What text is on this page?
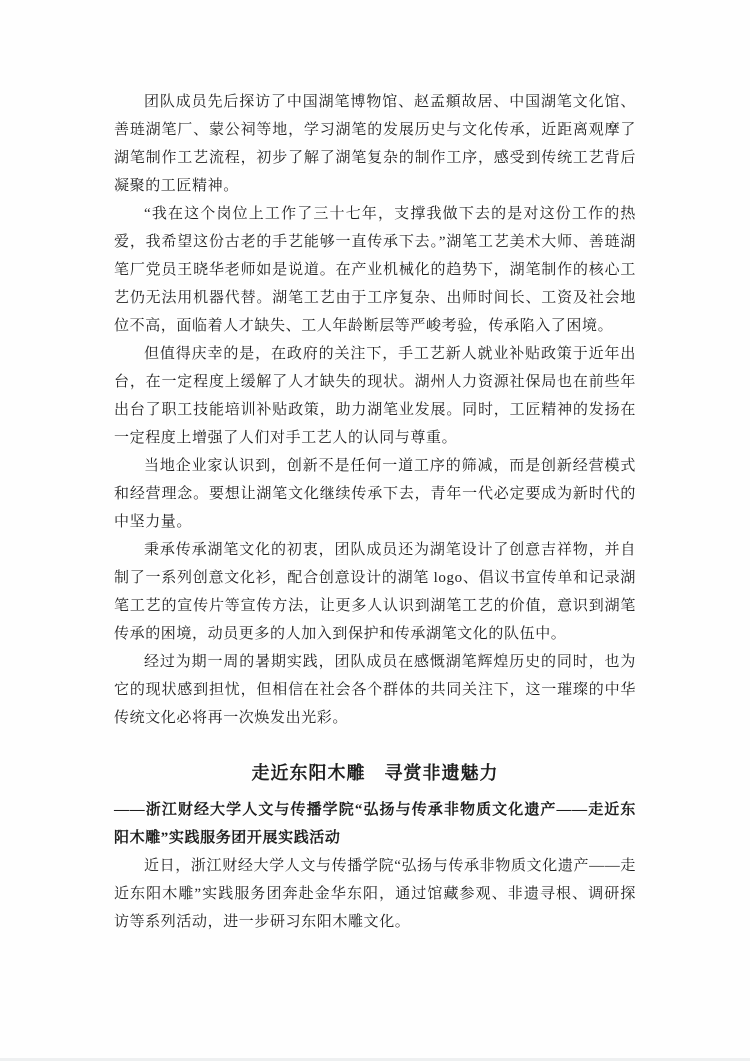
团队成员先后探访了中国湖笔博物馆、赵孟頫故居、中国湖笔文化馆、善琏湖笔厂、蒙公祠等地，学习湖笔的发展历史与文化传承，近距离观摩了湖笔制作工艺流程，初步了解了湖笔复杂的制作工序，感受到传统工艺背后凝聚的工匠精神。

“我在这个岗位上工作了三十七年，支撑我做下去的是对这份工作的热爱，我希望这份古老的手艺能够一直传承下去。”湖笔工艺美术大师、善琏湖笔厂党员王晓华老师如是说道。在产业机械化的趋势下，湖笔制作的核心工艺仍无法用机器代替。湖笔工艺由于工序复杂、出师时间长、工资及社会地位不高，面临着人才缺失、工人年龄断层等严峻考验，传承陷入了困境。

但值得庆幸的是，在政府的关注下，手工艺新人就业补贴政策于近年出台，在一定程度上缓解了人才缺失的现状。湖州人力资源社保局也在前些年出台了职工技能培训补贴政策，助力湖笔业发展。同时，工匠精神的发扬在一定程度上增强了人们对手工艺人的认同与尊重。

当地企业家认识到，创新不是任何一道工序的筛减，而是创新经营模式和经营理念。要想让湖笔文化继续传承下去，青年一代必定要成为新时代的中坚力量。

秉承传承湖笔文化的初衷，团队成员还为湖笔设计了创意吉祥物，并自制了一系列创意文化衫，配合创意设计的湖笔 logo、倡议书宣传单和记录湖笔工艺的宣传片等宣传方法，让更多人认识到湖笔工艺的价值，意识到湖笔传承的困境，动员更多的人加入到保护和传承湖笔文化的队伍中。

经过为期一周的暑期实践，团队成员在感慨湖笔辉煌历史的同时，也为它的现状感到担忧，但相信在社会各个群体的共同关注下，这一璀璨的中华传统文化必将再一次焕发出光彩。

走近东阳木雕　寻赏非遗魅力
——浙江财经大学人文与传播学院“弘扬与传承非物质文化遗产——走近东阳木雕”实践服务团开展实践活动

近日，浙江财经大学人文与传播学院“弘扬与传承非物质文化遗产——走近东阳木雕”实践服务团奔赴金华东阳，通过馆藏参观、非遗寻根、调研探访等系列活动，进一步研习东阳木雕文化。
